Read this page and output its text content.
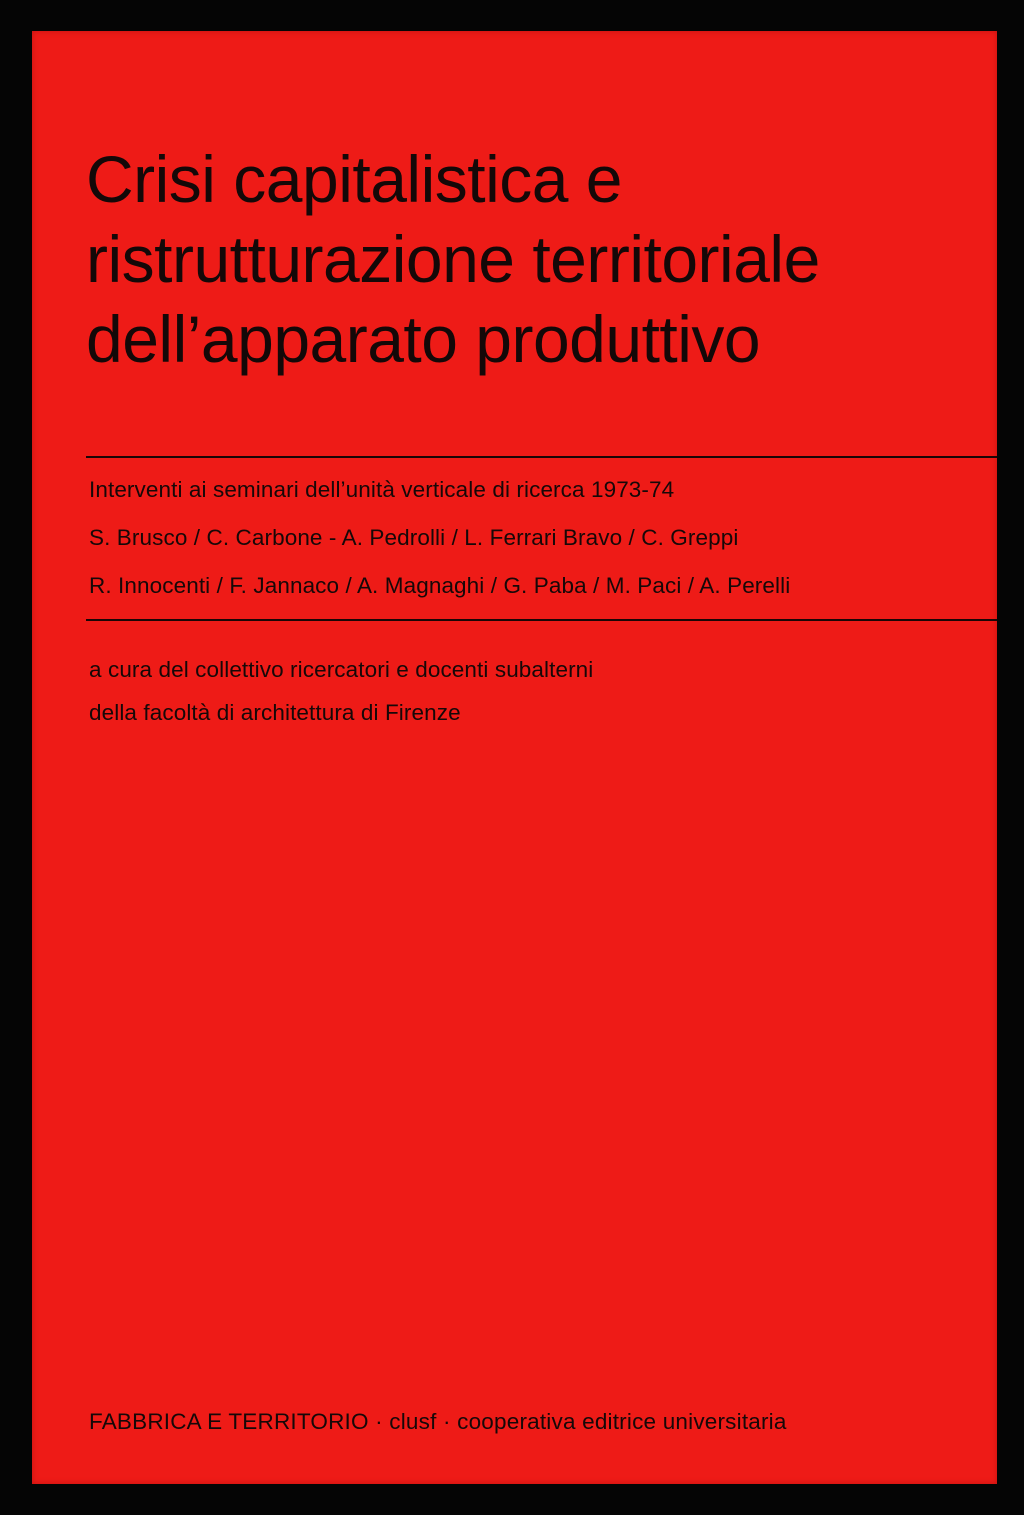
Crisi capitalistica e
ristrutturazione territoriale
dell’apparato produttivo
Interventi ai seminari dell’unità verticale di ricerca 1973-74
S. Brusco / C. Carbone - A. Pedrolli / L. Ferrari Bravo / C. Greppi
R. Innocenti / F. Jannaco / A. Magnaghi / G. Paba / M. Paci / A. Perelli
a cura del collettivo ricercatori e docenti subalterni
della facoltà di architettura di Firenze
FABBRICA E TERRITORIO · clusf · cooperativa editrice universitaria
